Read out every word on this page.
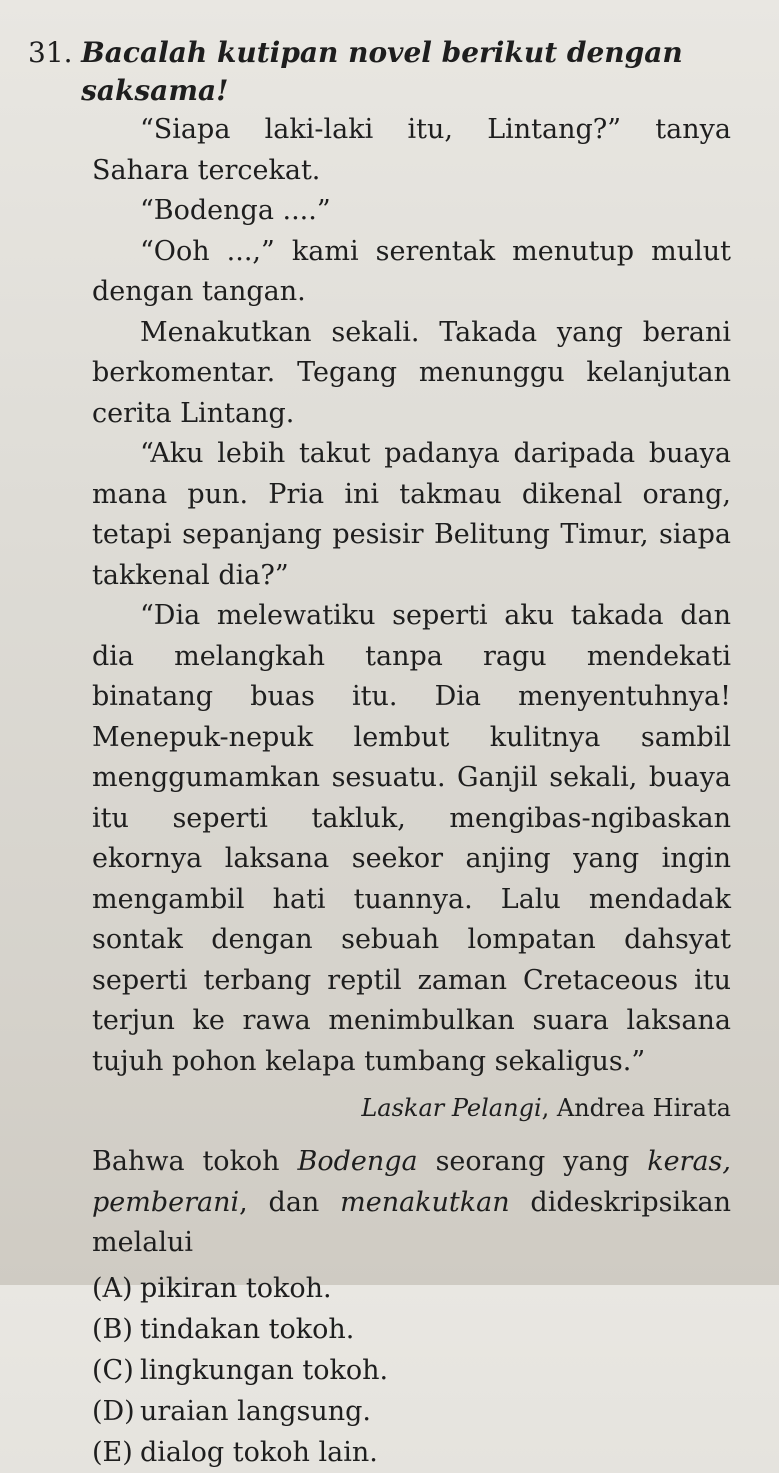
31. Bacalah kutipan novel berikut dengan saksama!

“Siapa laki-laki itu, Lintang?” tanya Sahara tercekat.

“Bodenga ....”

“Ooh ...,” kami serentak menutup mulut dengan tangan.

Menakutkan sekali. Takada yang berani berkomentar. Tegang menunggu kelanjutan cerita Lintang.

“Aku lebih takut padanya daripada buaya mana pun. Pria ini takmau dikenal orang, tetapi sepanjang pesisir Belitung Timur, siapa takkenal dia?”

“Dia melewatiku seperti aku takada dan dia melangkah tanpa ragu mendekati binatang buas itu. Dia menyentuhnya! Menepuk-nepuk lembut kulitnya sambil menggumamkan sesuatu. Ganjil sekali, buaya itu seperti takluk, mengibas-ngibaskan ekornya laksana seekor anjing yang ingin mengambil hati tuannya. Lalu mendadak sontak dengan sebuah lompatan dahsyat seperti terbang reptil zaman Cretaceous itu terjun ke rawa menimbulkan suara laksana tujuh pohon kelapa tumbang sekaligus.”

Laskar Pelangi, Andrea Hirata

Bahwa tokoh Bodenga seorang yang keras, pemberani, dan menakutkan dideskripsikan melalui

(A) pikiran tokoh.
(B) tindakan tokoh.
(C) lingkungan tokoh.
(D) uraian langsung.
(E) dialog tokoh lain.
